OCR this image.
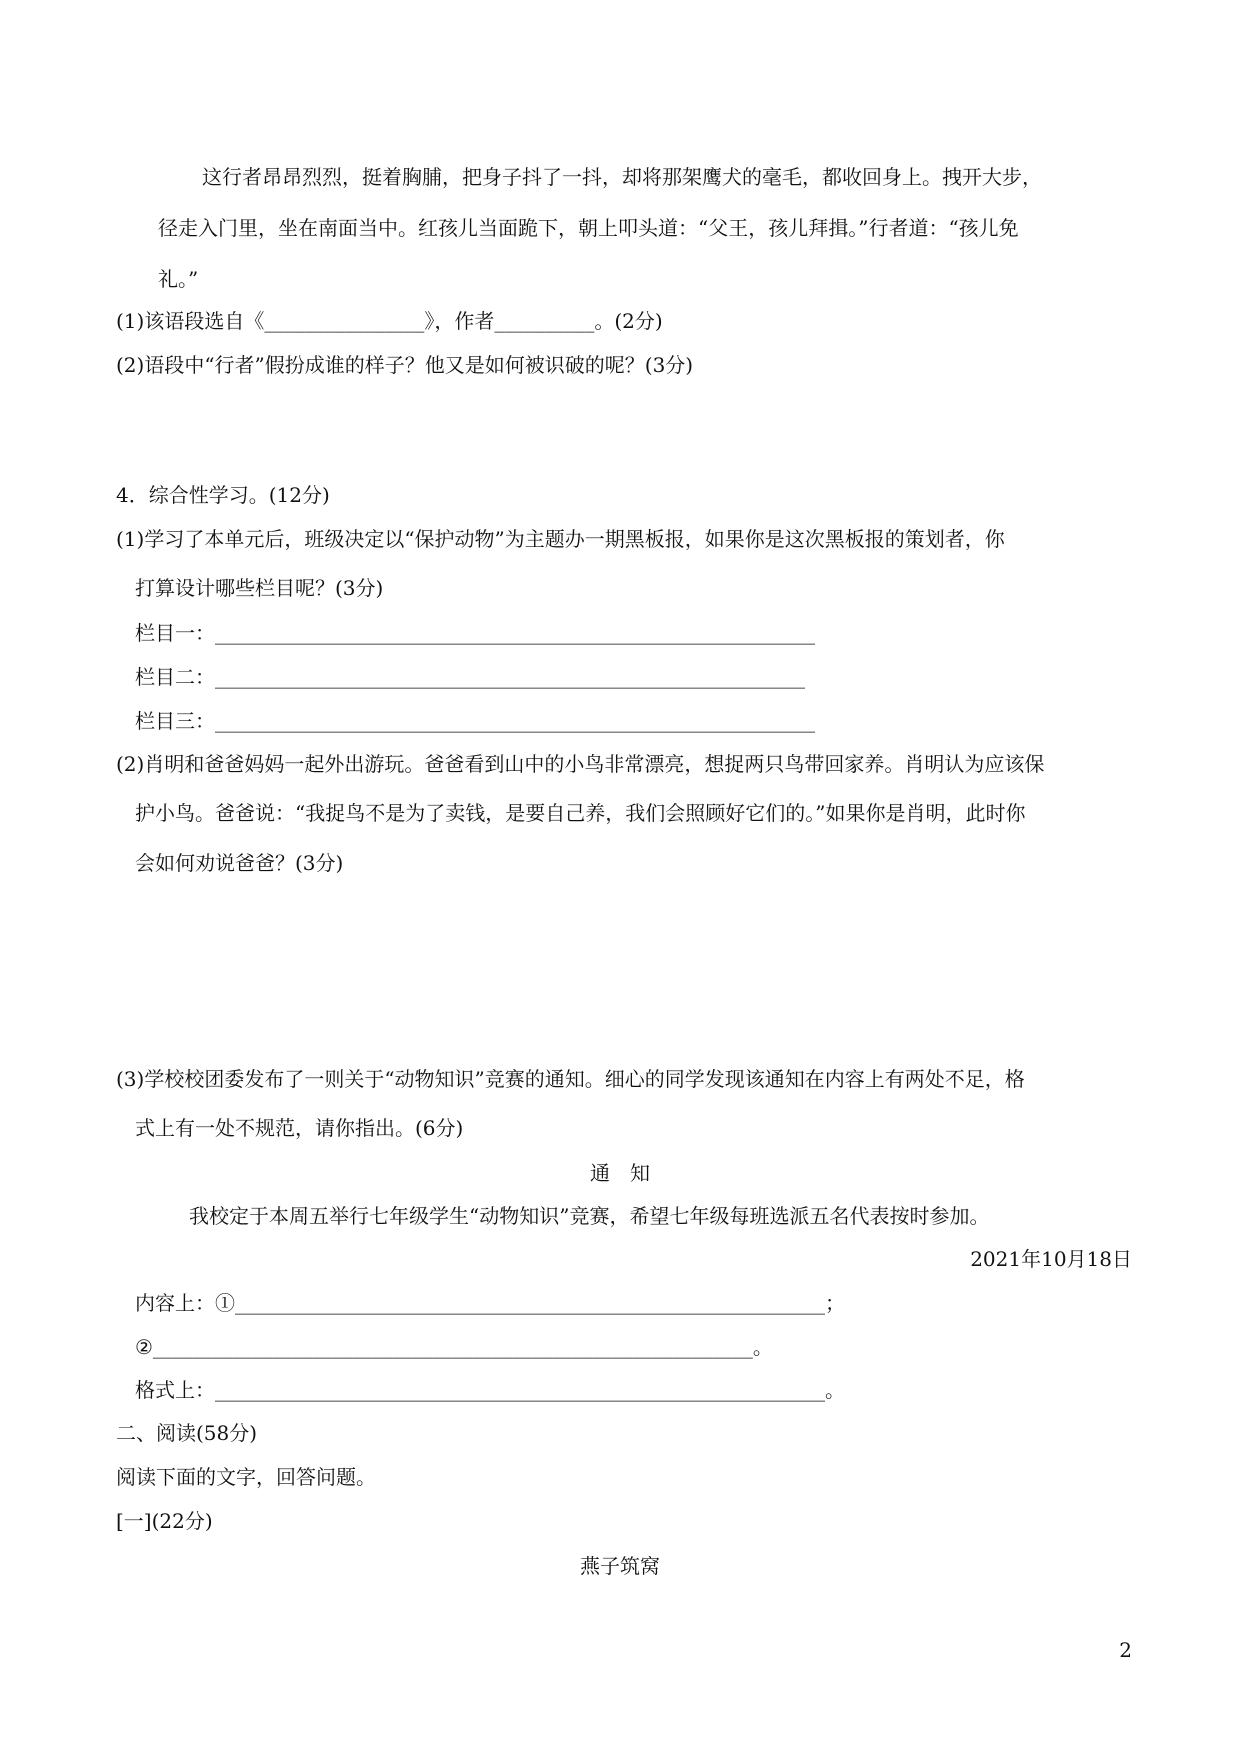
这行者昂昂烈烈，挺着胸脯，把身子抖了一抖，却将那架鹰犬的毫毛，都收回身上。拽开大步，
径走入门里，坐在南面当中。红孩儿当面跪下，朝上叩头道：“父王，孩儿拜揖。”行者道：“孩儿免
礼。”
(1)该语段选自《________________》，作者__________。(2分)
(2)语段中“行者”假扮成谁的样子？他又是如何被识破的呢？(3分)
4．综合性学习。(12分)
(1)学习了本单元后，班级决定以“保护动物”为主题办一期黑板报，如果你是这次黑板报的策划者，你
打算设计哪些栏目呢？(3分)
栏目一：____________________________________________________________
栏目二：___________________________________________________________
栏目三：____________________________________________________________
(2)肖明和爸爸妈妈一起外出游玩。爸爸看到山中的小鸟非常漂亮，想捉两只鸟带回家养。肖明认为应该保
护小鸟。爸爸说：“我捉鸟不是为了卖钱，是要自己养，我们会照顾好它们的。”如果你是肖明，此时你
会如何劝说爸爸？(3分)
(3)学校校团委发布了一则关于“动物知识”竞赛的通知。细心的同学发现该通知在内容上有两处不足，格
式上有一处不规范，请你指出。(6分)
通　知
我校定于本周五举行七年级学生“动物知识”竞赛，希望七年级每班选派五名代表按时参加。
2021年10月18日
内容上：①___________________________________________________________；
②____________________________________________________________。
格式上：_____________________________________________________________。
二、阅读(58分)
阅读下面的文字，回答问题。
[一](22分)
燕子筑窝
2
